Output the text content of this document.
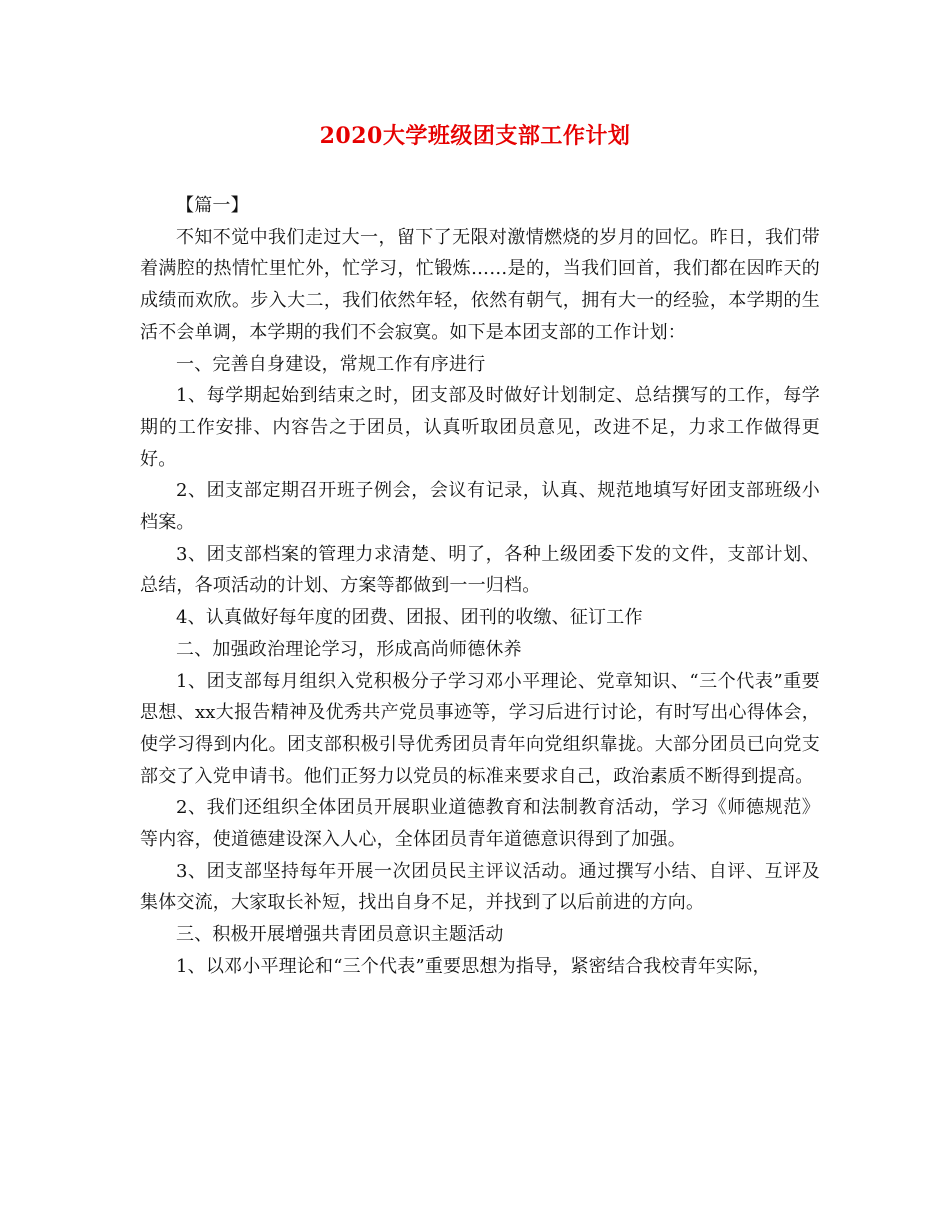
2020大学班级团支部工作计划

【篇一】

不知不觉中我们走过大一，留下了无限对激情燃烧的岁月的回忆。昨日，我们带着满腔的热情忙里忙外，忙学习，忙锻炼……是的，当我们回首，我们都在因昨天的成绩而欢欣。步入大二，我们依然年轻，依然有朝气，拥有大一的经验，本学期的生活不会单调，本学期的我们不会寂寞。如下是本团支部的工作计划：

一、完善自身建设，常规工作有序进行

1、每学期起始到结束之时，团支部及时做好计划制定、总结撰写的工作，每学期的工作安排、内容告之于团员，认真听取团员意见，改进不足，力求工作做得更好。

2、团支部定期召开班子例会，会议有记录，认真、规范地填写好团支部班级小档案。

3、团支部档案的管理力求清楚、明了，各种上级团委下发的文件，支部计划、总结，各项活动的计划、方案等都做到一一归档。

4、认真做好每年度的团费、团报、团刊的收缴、征订工作

二、加强政治理论学习，形成高尚师德休养

1、团支部每月组织入党积极分子学习邓小平理论、党章知识、“三个代表”重要思想、xx大报告精神及优秀共产党员事迹等，学习后进行讨论，有时写出心得体会，使学习得到内化。团支部积极引导优秀团员青年向党组织靠拢。大部分团员已向党支部交了入党申请书。他们正努力以党员的标准来要求自己，政治素质不断得到提高。

2、我们还组织全体团员开展职业道德教育和法制教育活动，学习《师德规范》等内容，使道德建设深入人心，全体团员青年道德意识得到了加强。

3、团支部坚持每年开展一次团员民主评议活动。通过撰写小结、自评、互评及集体交流，大家取长补短，找出自身不足，并找到了以后前进的方向。

三、积极开展增强共青团员意识主题活动

1、以邓小平理论和“三个代表”重要思想为指导，紧密结合我校青年实际，
